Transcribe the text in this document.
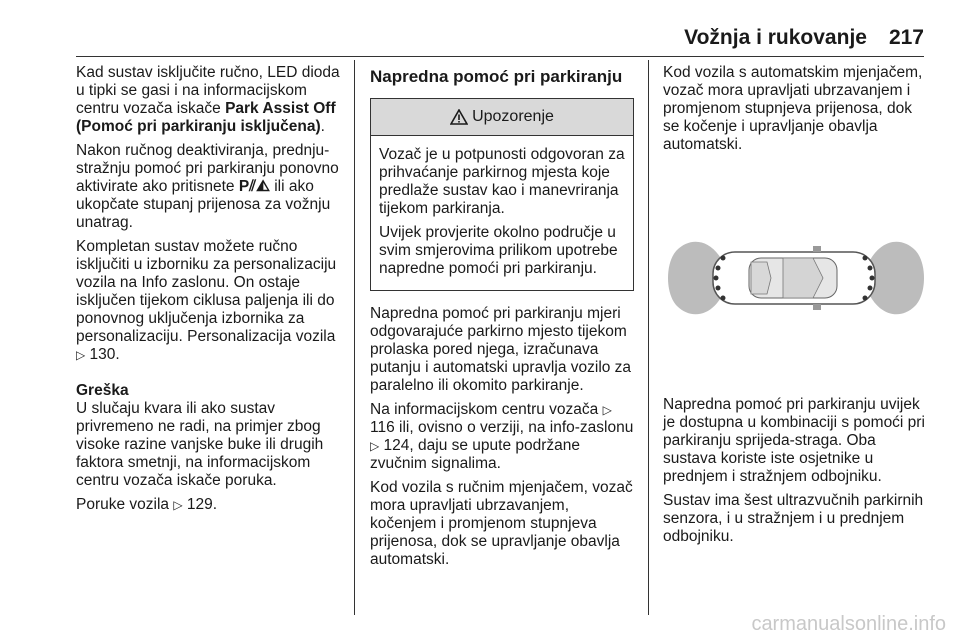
Vožnja i rukovanje 217

Kad sustav isključite ručno, LED dioda u tipki se gasi i na informacijskom centru vozača iskače Park Assist Off (Pomoć pri parkiranju isključena).

Nakon ručnog deaktiviranja, prednju-stražnju pomoć pri parkiranju ponovno aktivirate ako pritisnete P⫽◭ ili ako ukopčate stupanj prijenosa za vožnju unatrag.

Kompletan sustav možete ručno isključiti u izborniku za personalizaciju vozila na Info zaslonu. On ostaje isključen tijekom ciklusa paljenja ili do ponovnog uključenja izbornika za personalizaciju. Personalizacija vozila ▷ 130.

Greška

U slučaju kvara ili ako sustav privremeno ne radi, na primjer zbog visoke razine vanjske buke ili drugih faktora smetnji, na informacijskom centru vozača iskače poruka.

Poruke vozila ▷ 129.

Napredna pomoć pri parkiranju
Upozorenje

Vozač je u potpunosti odgovoran za prihvaćanje parkirnog mjesta koje predlaže sustav kao i manevriranja tijekom parkiranja.

Uvijek provjerite okolno područje u svim smjerovima prilikom upotrebe napredne pomoći pri parkiranju.

Napredna pomoć pri parkiranju mjeri odgovarajuće parkirno mjesto tijekom prolaska pored njega, izračunava putanju i automatski upravlja vozilo za paralelno ili okomito parkiranje.

Na informacijskom centru vozača ▷ 116 ili, ovisno o verziji, na info-zaslonu ▷ 124, daju se upute podržane zvučnim signalima.

Kod vozila s ručnim mjenjačem, vozač mora upravljati ubrzavanjem, kočenjem i promjenom stupnjeva prijenosa, dok se upravljanje obavlja automatski.

Kod vozila s automatskim mjenjačem, vozač mora upravljati ubrzavanjem i promjenom stupnjeva prijenosa, dok se kočenje i upravljanje obavlja automatski.

Napredna pomoć pri parkiranju uvijek je dostupna u kombinaciji s pomoći pri parkiranju sprijeda-straga. Oba sustava koriste iste osjetnike u prednjem i stražnjem odbojniku.

Sustav ima šest ultrazvučnih parkirnih senzora, i u stražnjem i u prednjem odbojniku.

carmanualsonline.info
